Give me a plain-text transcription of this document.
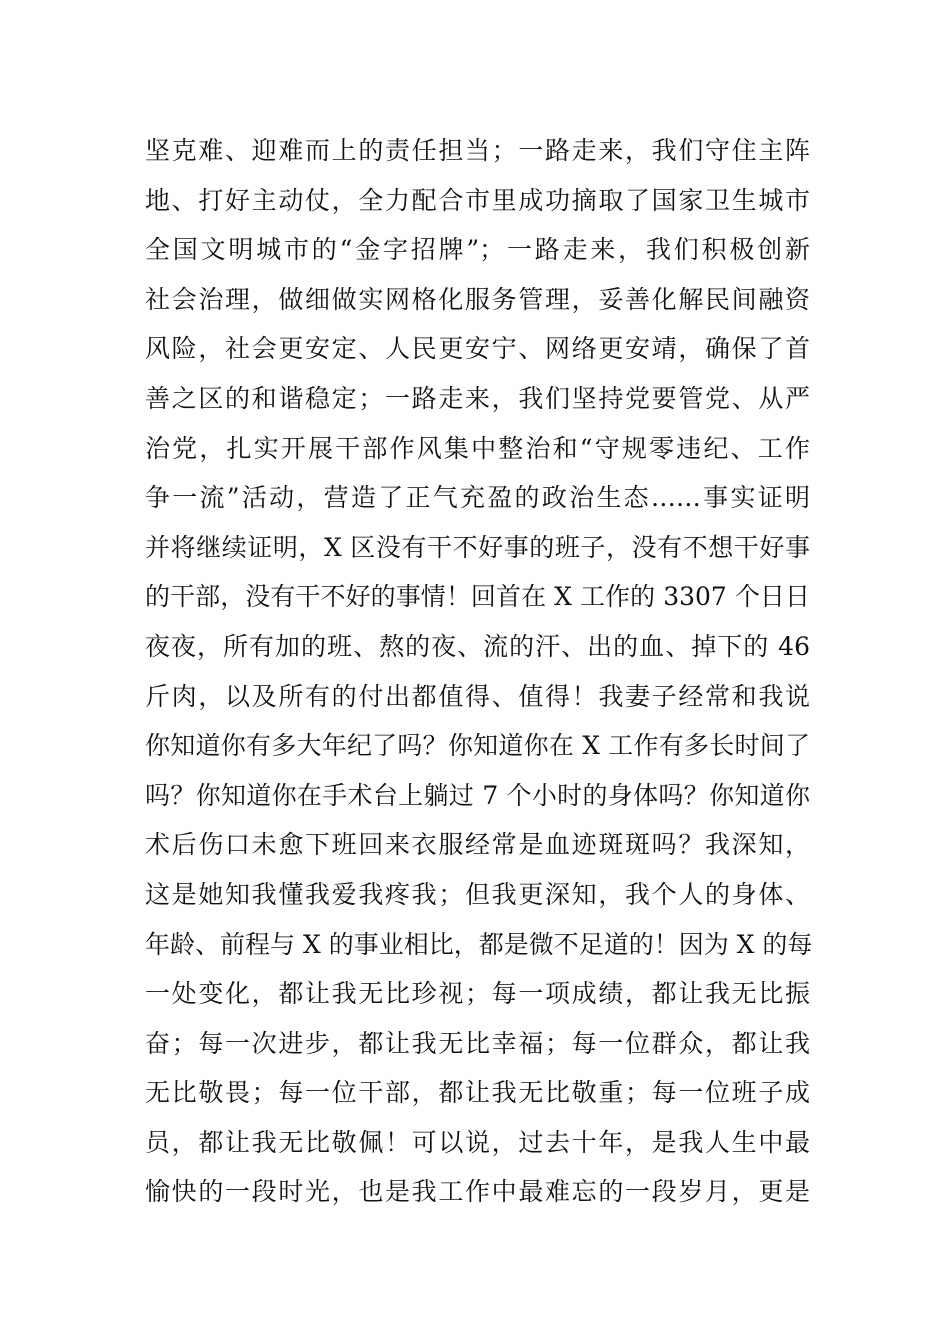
坚克难、迎难而上的责任担当；一路走来，我们守住主阵
地、打好主动仗，全力配合市里成功摘取了国家卫生城市
全国文明城市的“金字招牌”；一路走来，我们积极创新
社会治理，做细做实网格化服务管理，妥善化解民间融资
风险，社会更安定、人民更安宁、网络更安靖，确保了首
善之区的和谐稳定；一路走来，我们坚持党要管党、从严
治党，扎实开展干部作风集中整治和“守规零违纪、工作
争一流”活动，营造了正气充盈的政治生态……事实证明
并将继续证明，X 区没有干不好事的班子，没有不想干好事
的干部，没有干不好的事情！回首在 X 工作的 3307 个日日
夜夜，所有加的班、熬的夜、流的汗、出的血、掉下的 46
斤肉，以及所有的付出都值得、值得！我妻子经常和我说
你知道你有多大年纪了吗？你知道你在 X 工作有多长时间了
吗？你知道你在手术台上躺过 7 个小时的身体吗？你知道你
术后伤口未愈下班回来衣服经常是血迹斑斑吗？我深知，
这是她知我懂我爱我疼我；但我更深知，我个人的身体、
年龄、前程与 X 的事业相比，都是微不足道的！因为 X 的每
一处变化，都让我无比珍视；每一项成绩，都让我无比振
奋；每一次进步，都让我无比幸福；每一位群众，都让我
无比敬畏；每一位干部，都让我无比敬重；每一位班子成
员，都让我无比敬佩！可以说，过去十年，是我人生中最
愉快的一段时光，也是我工作中最难忘的一段岁月，更是
